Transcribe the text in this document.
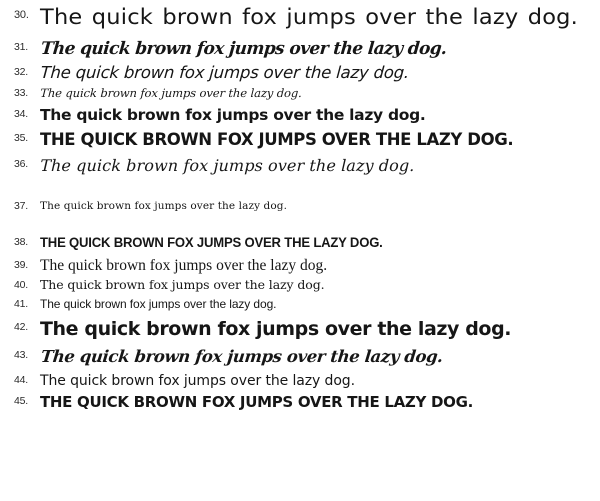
30. The quick brown fox jumps over the lazy dog.
31. The quick brown fox jumps over the lazy dog.
32. The quick brown fox jumps over the lazy dog.
33.	The quick brown fox jumps over the lazy dog.
34. The quick brown fox jumps over the lazy dog.
35. THE QUICK BROWN FOX JUMPS OVER THE LAZY DOG.
36. The quick brown fox jumps over the lazy dog.
37.	The quick brown fox jumps over the lazy dog.
38. THE QUICK BROWN FOX JUMPS OVER THE LAZY DOG.
39. The quick brown fox jumps over the lazy dog.
40. The quick brown fox jumps over the lazy dog.
41.	The quick brown fox jumps over the lazy dog.
42. The quick brown fox jumps over the lazy dog.
43. The quick brown fox jumps over the lazy dog.
44. The quick brown fox jumps over the lazy dog.
45. THE QUICK BROWN FOX JUMPS OVER THE LAZY DOG.
